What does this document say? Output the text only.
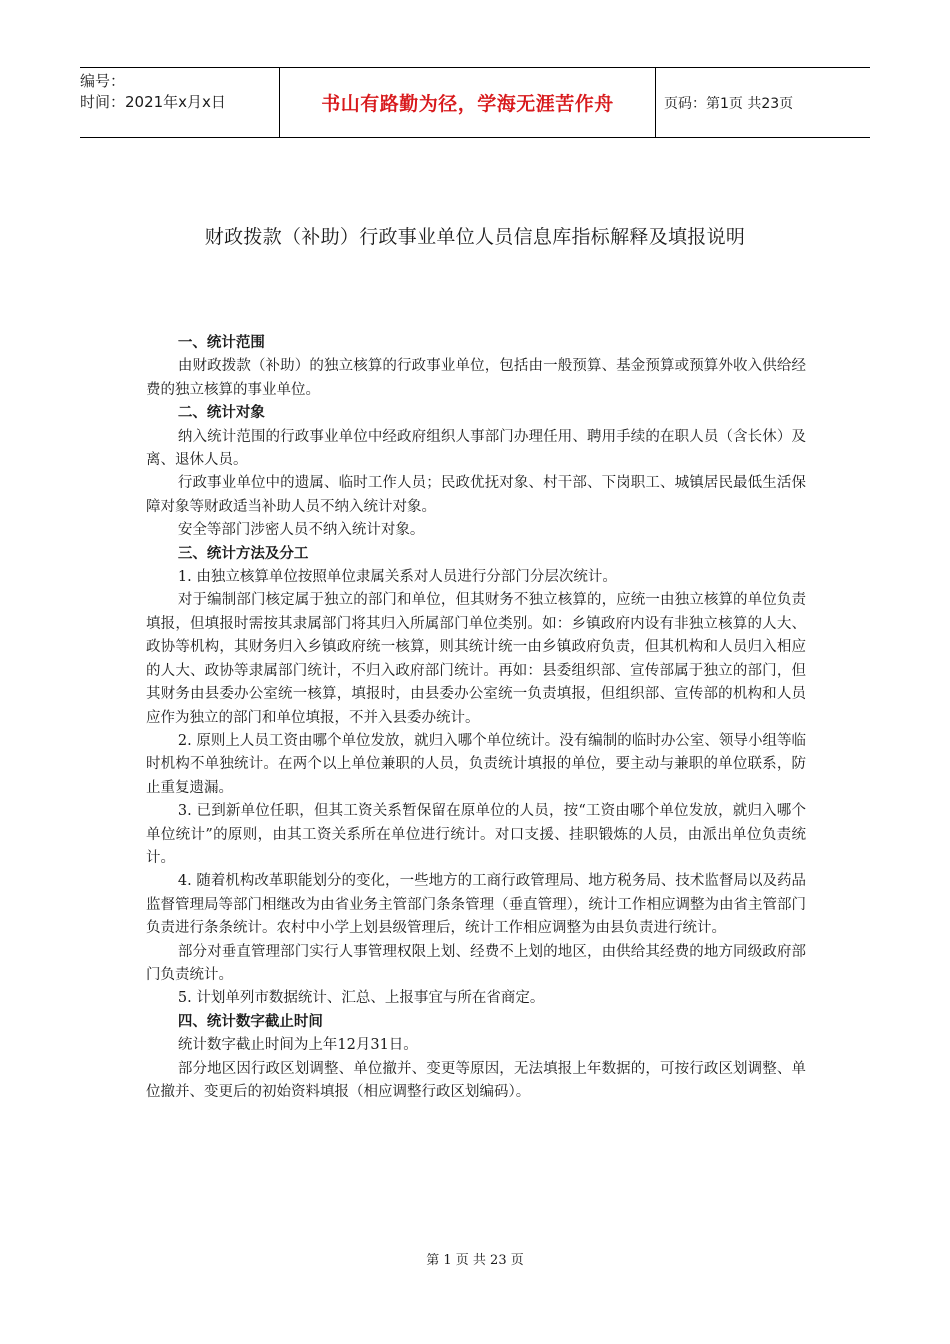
编号：
时间：2021年x月x日	书山有路勤为径，学海无涯苦作舟	页码：第1页 共23页
财政拨款（补助）行政事业单位人员信息库指标解释及填报说明
一、统计范围

由财政拨款（补助）的独立核算的行政事业单位，包括由一般预算、基金预算或预算外收入供给经费的独立核算的事业单位。

二、统计对象

纳入统计范围的行政事业单位中经政府组织人事部门办理任用、聘用手续的在职人员（含长休）及离、退休人员。

行政事业单位中的遗属、临时工作人员；民政优抚对象、村干部、下岗职工、城镇居民最低生活保障对象等财政适当补助人员不纳入统计对象。

安全等部门涉密人员不纳入统计对象。

三、统计方法及分工

1. 由独立核算单位按照单位隶属关系对人员进行分部门分层次统计。

对于编制部门核定属于独立的部门和单位，但其财务不独立核算的，应统一由独立核算的单位负责填报，但填报时需按其隶属部门将其归入所属部门单位类别。如：乡镇政府内设有非独立核算的人大、政协等机构，其财务归入乡镇政府统一核算，则其统计统一由乡镇政府负责，但其机构和人员归入相应的人大、政协等隶属部门统计，不归入政府部门统计。再如：县委组织部、宣传部属于独立的部门，但其财务由县委办公室统一核算，填报时，由县委办公室统一负责填报，但组织部、宣传部的机构和人员应作为独立的部门和单位填报，不并入县委办统计。

2. 原则上人员工资由哪个单位发放，就归入哪个单位统计。没有编制的临时办公室、领导小组等临时机构不单独统计。在两个以上单位兼职的人员，负责统计填报的单位，要主动与兼职的单位联系，防止重复遗漏。

3. 已到新单位任职，但其工资关系暂保留在原单位的人员，按“工资由哪个单位发放，就归入哪个单位统计”的原则，由其工资关系所在单位进行统计。对口支援、挂职锻炼的人员，由派出单位负责统计。

4. 随着机构改革职能划分的变化，一些地方的工商行政管理局、地方税务局、技术监督局以及药品监督管理局等部门相继改为由省业务主管部门条条管理（垂直管理），统计工作相应调整为由省主管部门负责进行条条统计。农村中小学上划县级管理后，统计工作相应调整为由县负责进行统计。

部分对垂直管理部门实行人事管理权限上划、经费不上划的地区，由供给其经费的地方同级政府部门负责统计。

5. 计划单列市数据统计、汇总、上报事宜与所在省商定。

四、统计数字截止时间

统计数字截止时间为上年12月31日。

部分地区因行政区划调整、单位撤并、变更等原因，无法填报上年数据的，可按行政区划调整、单位撤并、变更后的初始资料填报（相应调整行政区划编码）。

第 1 页 共 23 页
